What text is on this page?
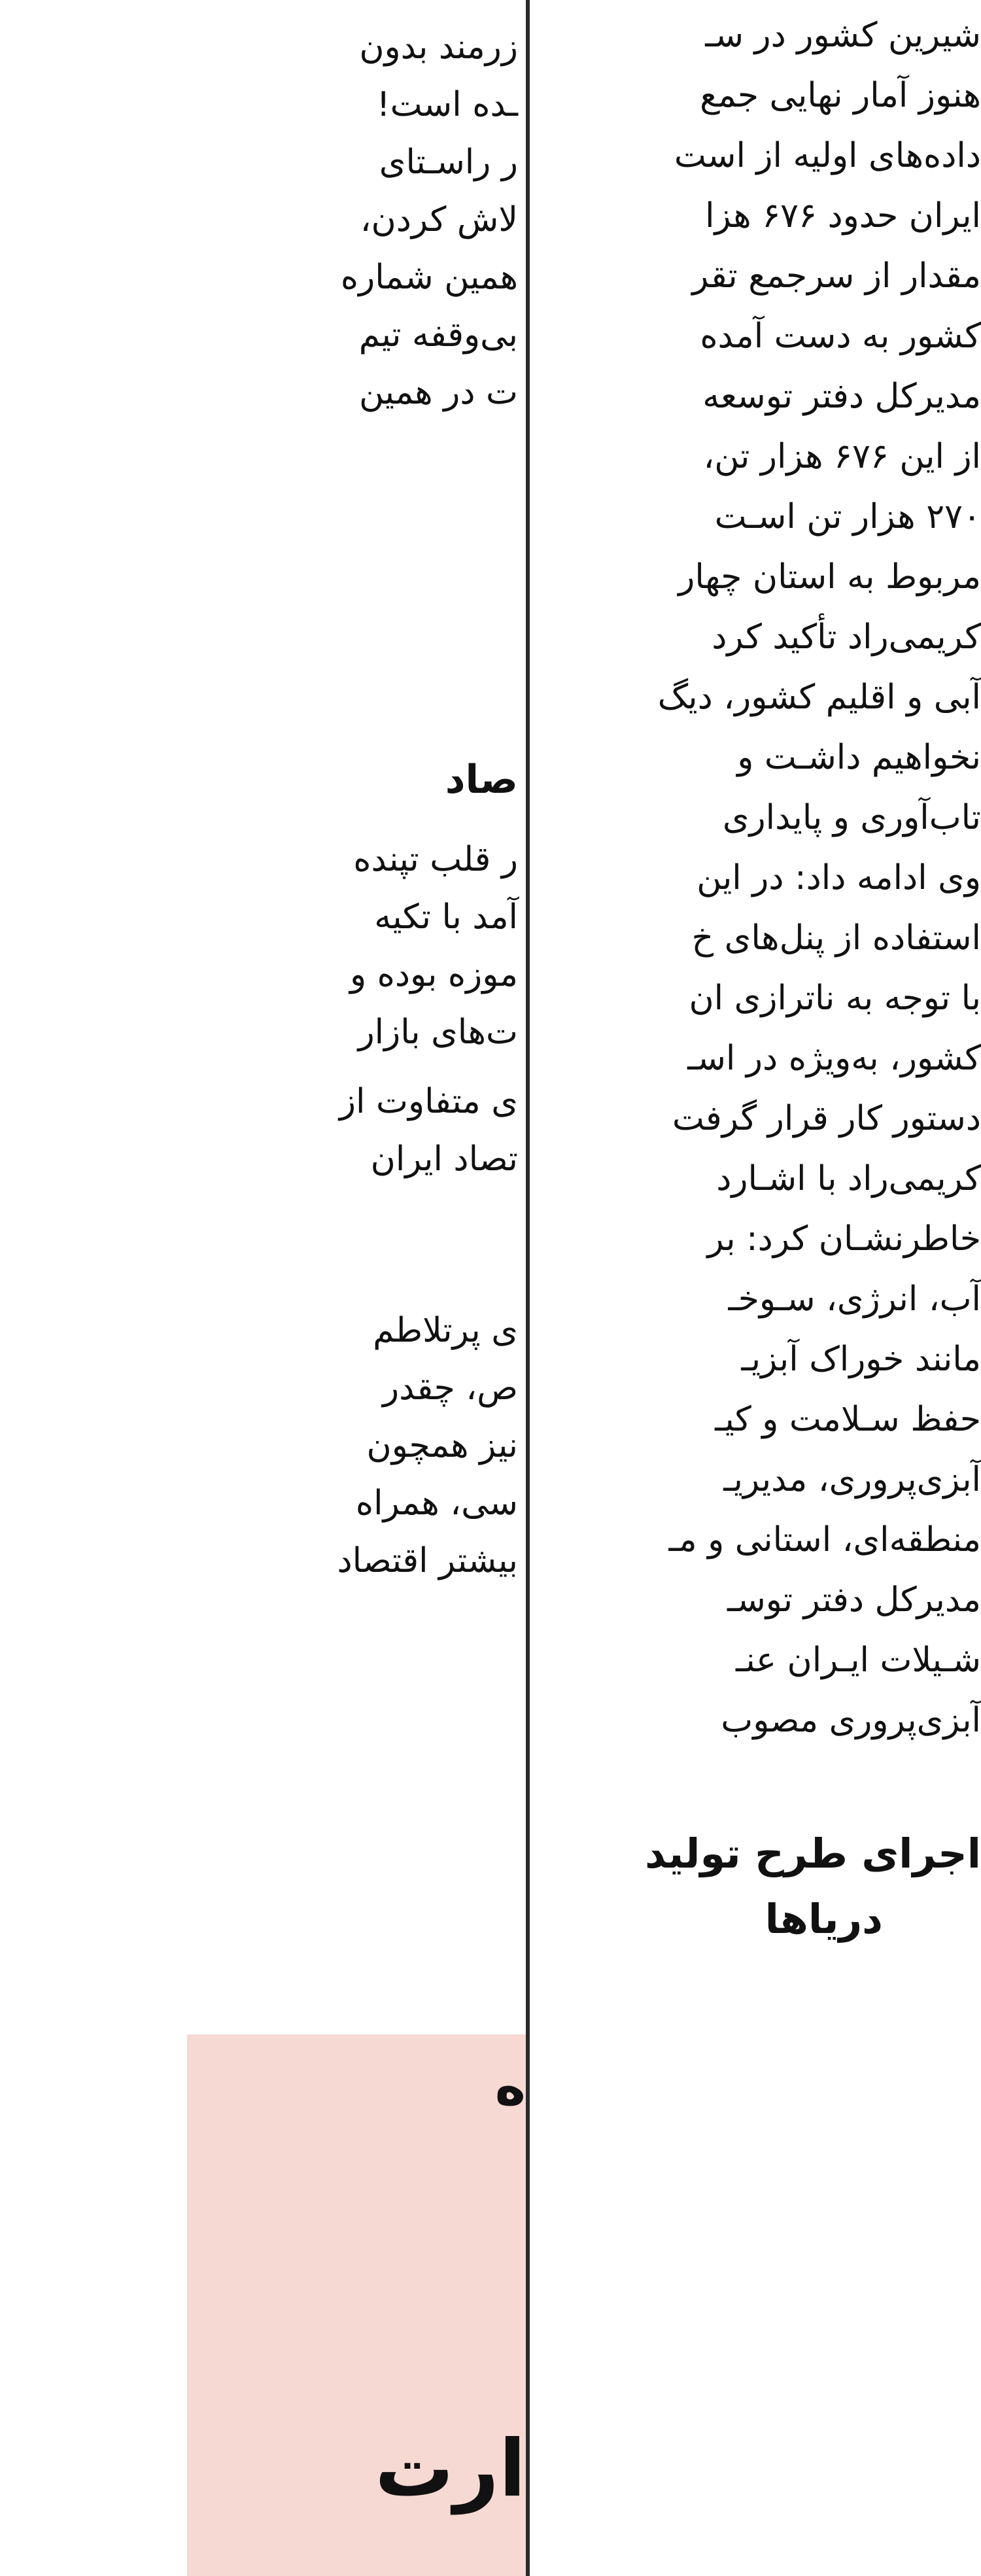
زرمند بدون
ـده است!
ر راسـتای
لاش کردن،
همین شماره
بی‌وقفه تیم
ت در همین
صاد
ر قلب تپنده
آمد با تکیه
موزه بوده و
ت‌های بازار
ی متفاوت از
تصاد ایران
ی پرتلاطم
ص، چقدر
نیز همچون
سی، همراه
بیشتر اقتصاد
ه
ارت
شیرین کشور در سـ
هنوز آمار نهایی جمع
داده‌های اولیه از است
ایران حدود ۶۷۶ هزا
مقدار از سرجمع تقر
کشور به دست آمده
مدیرکل دفتر توسعه
از این ۶۷۶ هزار تن،
۲۷۰ هزار تن اسـت
مربوط به استان چهار
کریمی‌راد تأکید کرد
آبی و اقلیم کشور، دیگ
نخواهیم داشـت و
تاب‌آوری و پایداری
وی ادامه داد: در این
استفاده از پنل‌های خ
با توجه به ناترازی ان
کشور، به‌ویژه در اسـ
دستور کار قرار گرفت
کریمی‌راد با اشـارد
خاطرنشـان کرد: بر
آب، انرژی، سـوخـ
مانند خوراک آبزیـ
حفظ سـلامت و کیـ
آبزی‌پروری، مدیریـ
منطقه‌ای، استانی و مـ
مدیرکل دفتر توسـ
شـیلات ایـران عنـ
آبزی‌پروری مصوب
اجرای طرح تولید
دریاها
